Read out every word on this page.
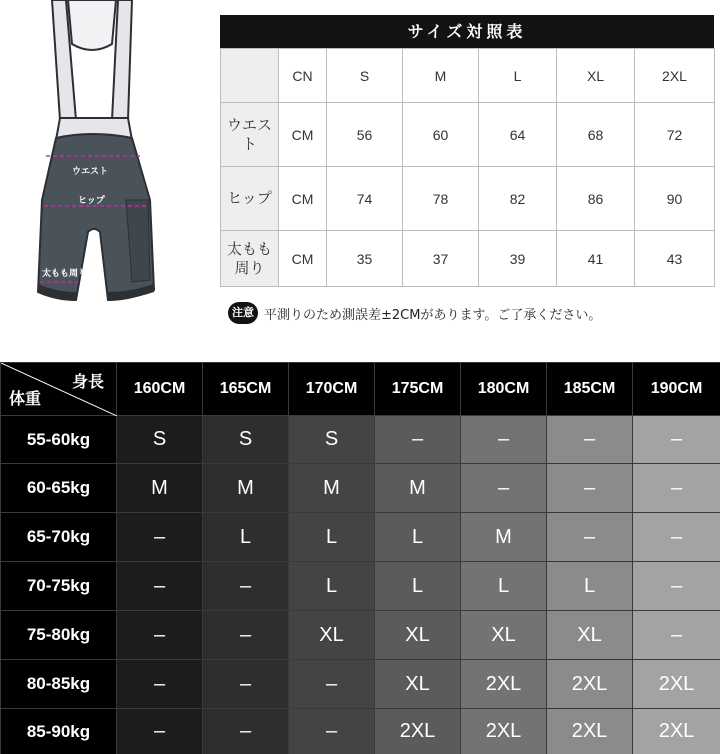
ウエスト
ヒップ
太もも周り
サイズ対照表
	CN	S	M	L	XL	2XL
ウエスト	CM	56	60	64	68	72
ヒップ	CM	74	78	82	86	90
太もも周り	CM	35	37	39	41	43
注意 平測りのため測誤差±2CMがあります。ご了承ください。
身長
体重	160CM	165CM	170CM	175CM	180CM	185CM	190CM
55-60kg	S	S	S	–	–	–	–
60-65kg	M	M	M	M	–	–	–
65-70kg	–	L	L	L	M	–	–
70-75kg	–	–	L	L	L	L	–
75-80kg	–	–	XL	XL	XL	XL	–
80-85kg	–	–	–	XL	2XL	2XL	2XL
85-90kg	–	–	–	2XL	2XL	2XL	2XL
